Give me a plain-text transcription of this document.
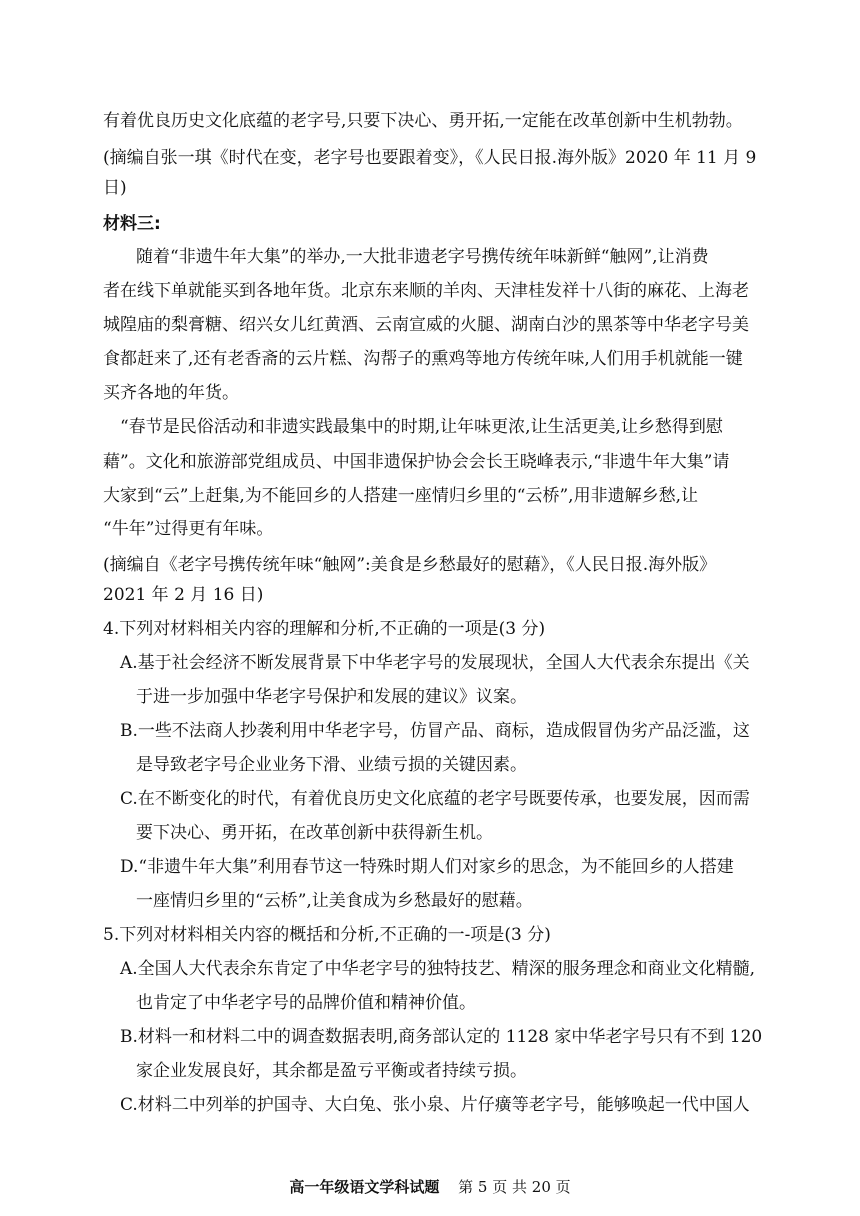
有着优良历史文化底蕴的老字号,只要下决心、勇开拓,一定能在改革创新中生机勃勃。
(摘编自张一琪《时代在变，老字号也要跟着变》，《人民日报.海外版》2020 年 11 月 9
日)
材料三:
随着“非遗牛年大集”的举办,一大批非遗老字号携传统年味新鲜“触网”,让消费
者在线下单就能买到各地年货。北京东来顺的羊肉、天津桂发祥十八街的麻花、上海老
城隍庙的梨膏糖、绍兴女儿红黄酒、云南宣威的火腿、湖南白沙的黑茶等中华老字号美
食都赶来了,还有老香斋的云片糕、沟帮子的熏鸡等地方传统年味,人们用手机就能一键
买齐各地的年货。
“春节是民俗活动和非遗实践最集中的时期,让年味更浓,让生活更美,让乡愁得到慰
藉”。文化和旅游部党组成员、中国非遗保护协会会长王晓峰表示,“非遗牛年大集”请
大家到“云”上赶集,为不能回乡的人搭建一座情归乡里的“云桥”,用非遗解乡愁,让
“牛年”过得更有年味。
(摘编自《老字号携传统年味“触网”:美食是乡愁最好的慰藉》，《人民日报.海外版》
2021 年 2 月 16 日)
4.下列对材料相关内容的理解和分析,不正确的一项是(3 分)
A.基于社会经济不断发展背景下中华老字号的发展现状，全国人大代表余东提出《关
于进一步加强中华老字号保护和发展的建议》议案。
B.一些不法商人抄袭利用中华老字号，仿冒产品、商标，造成假冒伪劣产品泛滥，这
是导致老字号企业业务下滑、业绩亏损的关键因素。
C.在不断变化的时代，有着优良历史文化底蕴的老字号既要传承，也要发展，因而需
要下决心、勇开拓，在改革创新中获得新生机。
D.“非遗牛年大集”利用春节这一特殊时期人们对家乡的思念，为不能回乡的人搭建
一座情归乡里的“云桥”,让美食成为乡愁最好的慰藉。
5.下列对材料相关内容的概括和分析,不正确的一-项是(3 分)
A.全国人大代表余东肯定了中华老字号的独特技艺、精深的服务理念和商业文化精髓,
也肯定了中华老字号的品牌价值和精神价值。
B.材料一和材料二中的调查数据表明,商务部认定的 1128 家中华老字号只有不到 120
家企业发展良好，其余都是盈亏平衡或者持续亏损。
C.材料二中列举的护国寺、大白兔、张小泉、片仔癀等老字号，能够唤起一代中国人
高一年级语文学科试题 第 5 页 共 20 页
